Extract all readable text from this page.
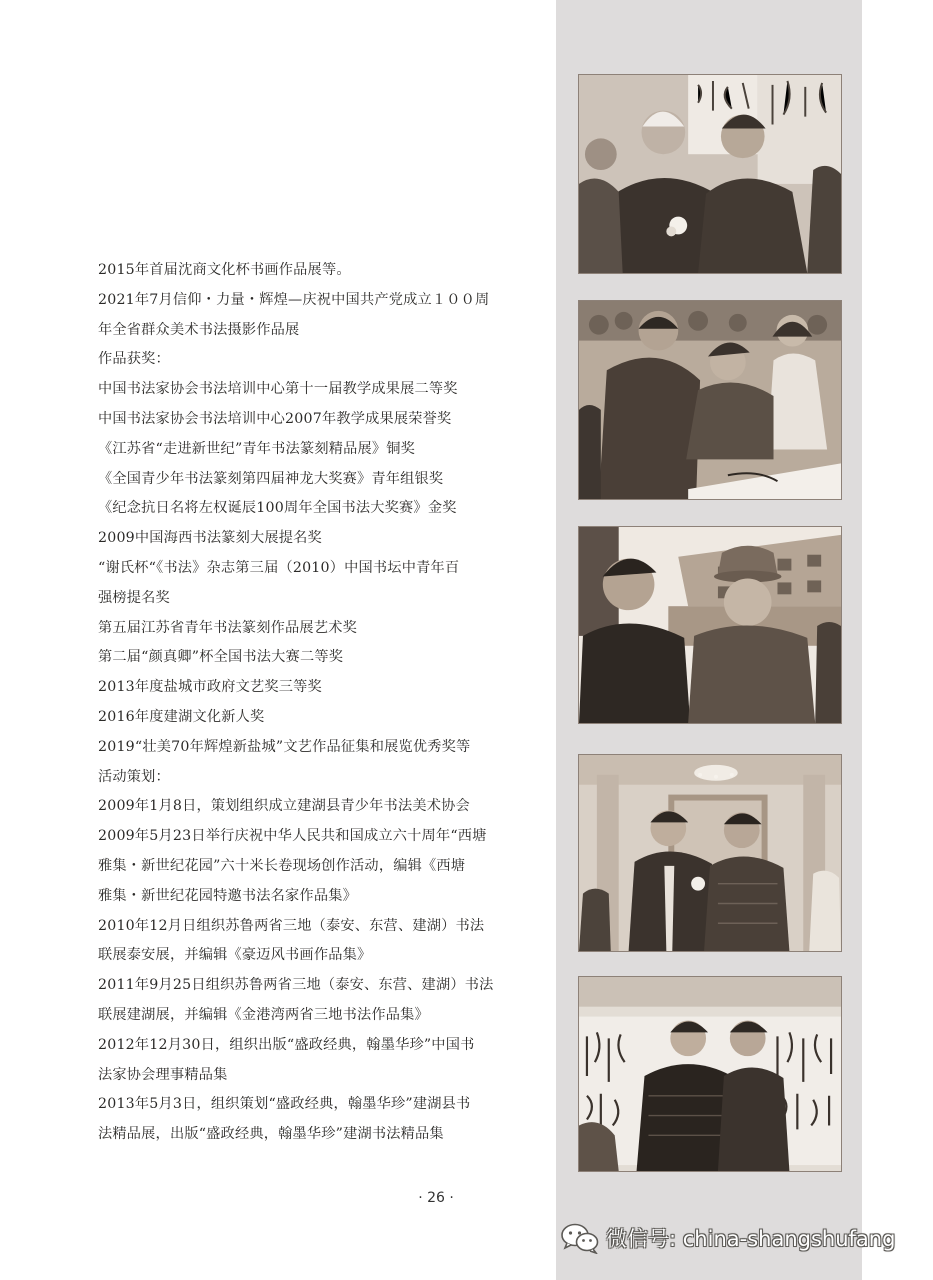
2015年首届沈商文化杯书画作品展等。
2021年7月信仰・力量・辉煌—庆祝中国共产党成立１００周
年全省群众美术书法摄影作品展
作品获奖：
中国书法家协会书法培训中心第十一届教学成果展二等奖
中国书法家协会书法培训中心2007年教学成果展荣誉奖
《江苏省“走进新世纪”青年书法篆刻精品展》铜奖
《全国青少年书法篆刻第四届神龙大奖赛》青年组银奖
《纪念抗日名将左权诞辰100周年全国书法大奖赛》金奖
2009中国海西书法篆刻大展提名奖
“谢氏杯“《书法》杂志第三届（2010）中国书坛中青年百
强榜提名奖
第五届江苏省青年书法篆刻作品展艺术奖
第二届“颜真卿”杯全国书法大赛二等奖
2013年度盐城市政府文艺奖三等奖
2016年度建湖文化新人奖
2019“壮美70年辉煌新盐城”文艺作品征集和展览优秀奖等
活动策划：
2009年1月8日，策划组织成立建湖县青少年书法美术协会
2009年5月23日举行庆祝中华人民共和国成立六十周年“西塘
雅集・新世纪花园”六十米长卷现场创作活动，编辑《西塘
雅集・新世纪花园特邀书法名家作品集》
2010年12月日组织苏鲁两省三地（泰安、东营、建湖）书法
联展泰安展，并编辑《豪迈风书画作品集》
2011年9月25日组织苏鲁两省三地（泰安、东营、建湖）书法
联展建湖展，并编辑《金港湾两省三地书法作品集》
2012年12月30日，组织出版“盛政经典，翰墨华珍”中国书
法家协会理事精品集
2013年5月3日，组织策划“盛政经典，翰墨华珍”建湖县书
法精品展，出版“盛政经典，翰墨华珍”建湖书法精品集
· 26 ·
微信号: china-shangshufang
